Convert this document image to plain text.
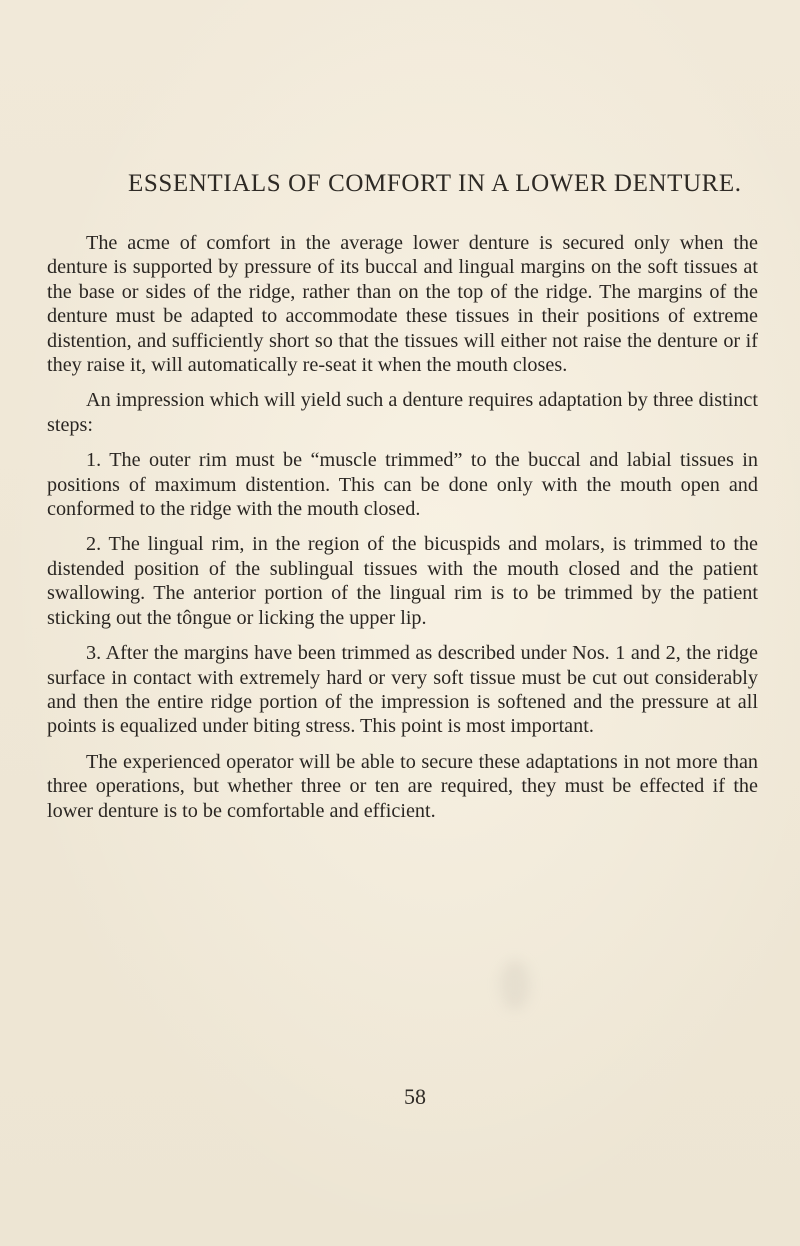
ESSENTIALS OF COMFORT IN A LOWER DENTURE.

The acme of comfort in the average lower denture is secured only when the denture is supported by pressure of its buccal and lingual margins on the soft tissues at the base or sides of the ridge, rather than on the top of the ridge. The margins of the denture must be adapted to accommodate these tissues in their positions of extreme distention, and sufficiently short so that the tissues will either not raise the denture or if they raise it, will automatically re-seat it when the mouth closes.

An impression which will yield such a denture requires adaptation by three distinct steps:

1. The outer rim must be “muscle trimmed” to the buccal and labial tissues in positions of maximum distention. This can be done only with the mouth open and conformed to the ridge with the mouth closed.

2. The lingual rim, in the region of the bicuspids and molars, is trimmed to the distended position of the sublingual tissues with the mouth closed and the patient swallowing. The anterior portion of the lingual rim is to be trimmed by the patient sticking out the tôngue or licking the upper lip.

3. After the margins have been trimmed as described under Nos. 1 and 2, the ridge surface in contact with extremely hard or very soft tissue must be cut out considerably and then the entire ridge portion of the impression is softened and the pressure at all points is equalized under biting stress. This point is most important.

The experienced operator will be able to secure these adaptations in not more than three operations, but whether three or ten are required, they must be effected if the lower denture is to be comfortable and efficient.

58
